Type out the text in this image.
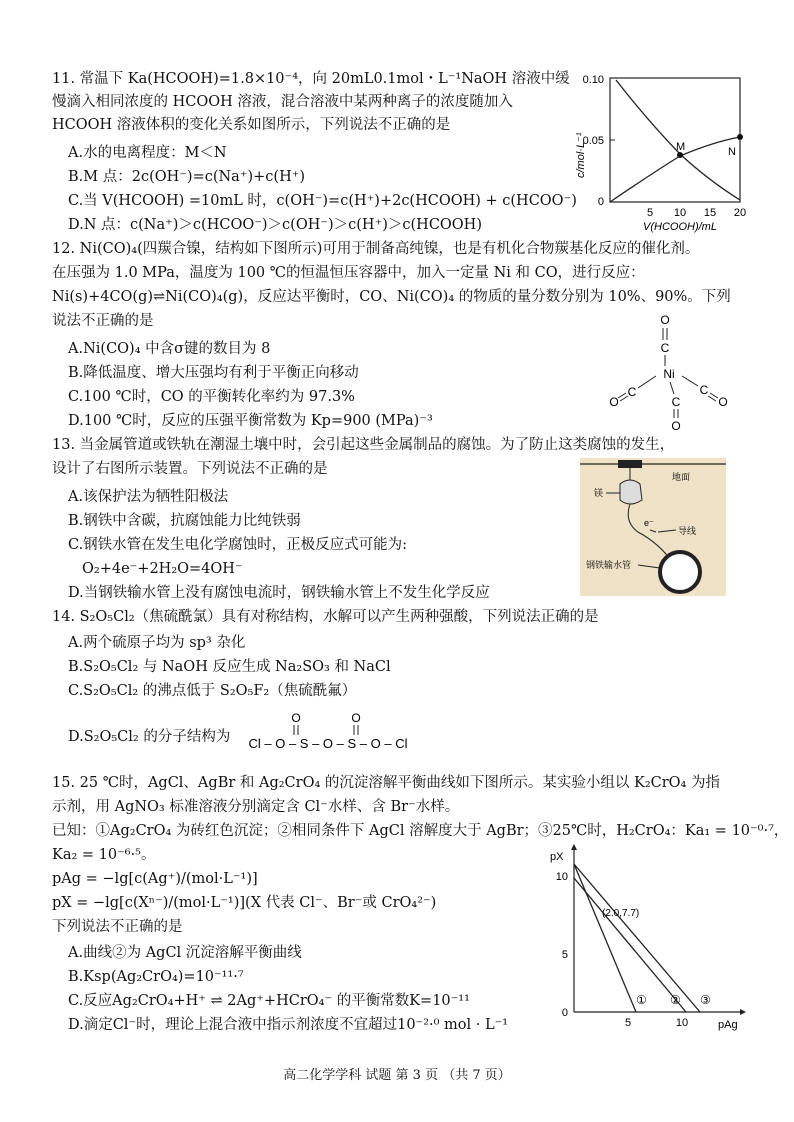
11. 常温下 Ka(HCOOH)=1.8×10⁻⁴，向 20mL0.1mol・L⁻¹NaOH 溶液中缓
慢滴入相同浓度的 HCOOH 溶液，混合溶液中某两种离子的浓度随加入
HCOOH 溶液体积的变化关系如图所示，下列说法不正确的是
A.水的电离程度：M＜N
B.M 点：2c(OH⁻)=c(Na⁺)+c(H⁺)
C.当 V(HCOOH) =10mL 时，c(OH⁻)=c(H⁺)+2c(HCOOH) + c(HCOO⁻)
D.N 点：c(Na⁺)＞c(HCOO⁻)＞c(OH⁻)＞c(H⁺)＞c(HCOOH)
0.10
0.05
0
5 10 15 20
V(HCOOH)/mL
c/mol·L⁻¹	M	N
12. Ni(CO)₄(四羰合镍，结构如下图所示)可用于制备高纯镍，也是有机化合物羰基化反应的催化剂。
在压强为 1.0 MPa，温度为 100 ℃的恒温恒压容器中，加入一定量 Ni 和 CO，进行反应：
Ni(s)+4CO(g)⇌Ni(CO)₄(g)，反应达平衡时，CO、Ni(CO)₄ 的物质的量分数分别为 10%、90%。下列
说法不正确的是
A.Ni(CO)₄ 中含σ键的数目为 8
B.降低温度、增大压强均有利于平衡正向移动
C.100 ℃时，CO 的平衡转化率约为 97.3%
D.100 ℃时，反应的压强平衡常数为 Kp=900 (MPa)⁻³
O
C
Ni
C
O
C
O
C
O
13. 当金属管道或铁轨在潮湿土壤中时，会引起这些金属制品的腐蚀。为了防止这类腐蚀的发生，
设计了右图所示装置。下列说法不正确的是
A.该保护法为牺牲阳极法
B.钢铁中含碳，抗腐蚀能力比纯铁弱
C.钢铁水管在发生电化学腐蚀时，正极反应式可能为:
O₂+4e⁻+2H₂O=4OH⁻
D.当钢铁输水管上没有腐蚀电流时，钢铁输水管上不发生化学反应
地面
镁
e⁻
导线
钢铁输水管
14. S₂O₅Cl₂（焦硫酰氯）具有对称结构，水解可以产生两种强酸，下列说法正确的是
A.两个硫原子均为 sp³ 杂化
B.S₂O₅Cl₂ 与 NaOH 反应生成 Na₂SO₃ 和 NaCl
C.S₂O₅Cl₂ 的沸点低于 S₂O₅F₂（焦硫酰氟）
D.S₂O₅Cl₂ 的分子结构为
O	O
Cl – O – S – O – S – O – Cl
15. 25 ℃时，AgCl、AgBr 和 Ag₂CrO₄ 的沉淀溶解平衡曲线如下图所示。某实验小组以 K₂CrO₄ 为指
示剂，用 AgNO₃ 标准溶液分别滴定含 Cl⁻水样、含 Br⁻水样。
已知：①Ag₂CrO₄ 为砖红色沉淀；②相同条件下 AgCl 溶解度大于 AgBr；③25℃时，H₂CrO₄：Ka₁ = 10⁻⁰·⁷，
Ka₂ = 10⁻⁶·⁵。
pAg = −lg[c(Ag⁺)/(mol·L⁻¹)]
pX = −lg[c(Xⁿ⁻)/(mol·L⁻¹)](X 代表 Cl⁻、Br⁻或 CrO₄²⁻)
下列说法不正确的是
A.曲线②为 AgCl 沉淀溶解平衡曲线
B.Ksp(Ag₂CrO₄)=10⁻¹¹·⁷
C.反应Ag₂CrO₄+H⁺ ⇌ 2Ag⁺+HCrO₄⁻ 的平衡常数K=10⁻¹¹
D.滴定Cl⁻时，理论上混合液中指示剂浓度不宜超过10⁻²·⁰ mol · L⁻¹
pX
pAg
10
5
0
5	10
(2.0,7.7)
① ② ③
高二化学学科 试题 第 3 页 （共 7 页）
